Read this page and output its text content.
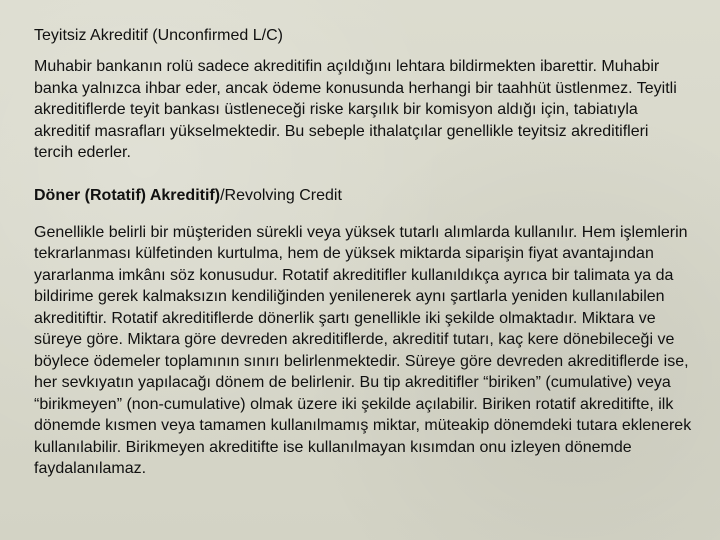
Teyitsiz Akreditif (Unconfirmed L/C)

Muhabir bankanın rolü sadece akreditifin açıldığını lehtara bildirmekten ibarettir. Muhabir banka yalnızca ihbar eder, ancak ödeme konusunda herhangi bir taahhüt üstlenmez. Teyitli akreditiflerde teyit bankası üstleneceği riske karşılık bir komisyon aldığı için, tabiatıyla akreditif masrafları yükselmektedir. Bu sebeple ithalatçılar genellikle teyitsiz akreditifleri tercih ederler.

Döner (Rotatif) Akreditif)/Revolving Credit

Genellikle belirli bir müşteriden sürekli veya yüksek tutarlı alımlarda kullanılır. Hem işlemlerin tekrarlanması külfetinden kurtulma, hem de yüksek miktarda siparişin fiyat avantajından yararlanma imkânı söz konusudur. Rotatif akreditifler kullanıldıkça ayrıca bir talimata ya da bildirime gerek kalmaksızın kendiliğinden yenilenerek aynı şartlarla yeniden kullanılabilen akreditiftir. Rotatif akreditiflerde dönerlik şartı genellikle iki şekilde olmaktadır. Miktara ve süreye göre. Miktara göre devreden akreditiflerde, akreditif tutarı, kaç kere dönebileceği ve böylece ödemeler toplamının sınırı belirlenmektedir. Süreye göre devreden akreditiflerde ise, her sevkıyatın yapılacağı dönem de belirlenir. Bu tip akreditifler “biriken” (cumulative) veya “birikmeyen” (non-cumulative) olmak üzere iki şekilde açılabilir. Biriken rotatif akreditifte, ilk dönemde kısmen veya tamamen kullanılmamış miktar, müteakip dönemdeki tutara eklenerek kullanılabilir. Birikmeyen akreditifte ise kullanılmayan kısımdan onu izleyen dönemde faydalanılamaz.
